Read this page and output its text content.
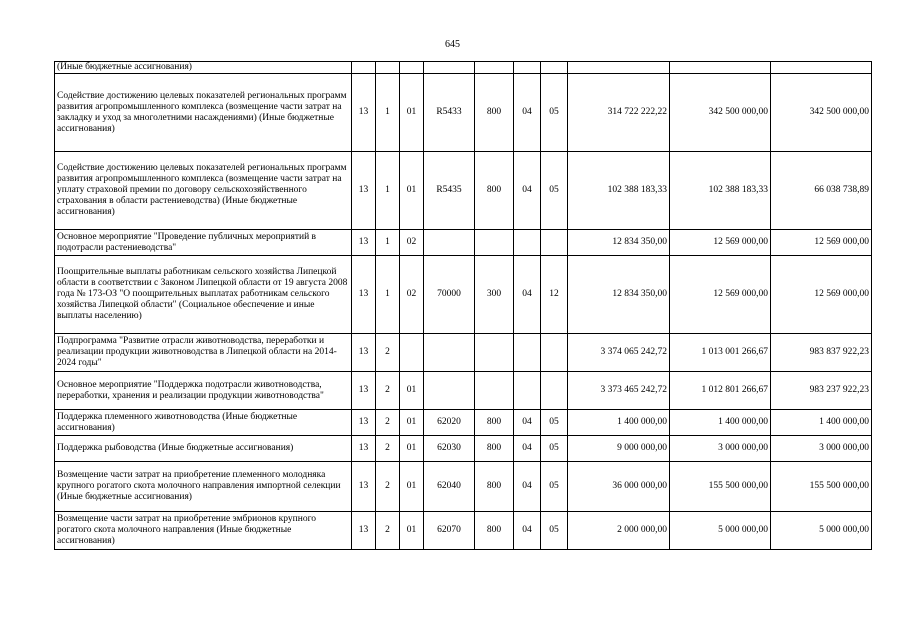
645
(Иные бюджетные ассигнования)										
Содействие достижению целевых показателей региональных программ развития агропромышленного комплекса (возмещение части затрат на закладку и уход за многолетними насаждениями) (Иные бюджетные ассигнования)	13	1	01	R5433	800	04	05	314 722 222,22	342 500 000,00	342 500 000,00
Содействие достижению целевых показателей региональных программ развития агропромышленного комплекса (возмещение части затрат на уплату страховой премии по договору сельскохозяйственного страхования в области растениеводства) (Иные бюджетные ассигнования)	13	1	01	R5435	800	04	05	102 388 183,33	102 388 183,33	66 038 738,89
Основное мероприятие "Проведение публичных мероприятий в подотрасли растениеводства"	13	1	02					12 834 350,00	12 569 000,00	12 569 000,00
Поощрительные выплаты работникам сельского хозяйства Липецкой области в соответствии с Законом Липецкой области от 19 августа 2008 года № 173-ОЗ "О поощрительных выплатах работникам сельского хозяйства Липецкой области" (Социальное обеспечение и иные выплаты населению)	13	1	02	70000	300	04	12	12 834 350,00	12 569 000,00	12 569 000,00
Подпрограмма "Развитие отрасли животноводства, переработки и реализации продукции животноводства в Липецкой области на 2014-2024 годы"	13	2						3 374 065 242,72	1 013 001 266,67	983 837 922,23
Основное мероприятие "Поддержка подотрасли животноводства, переработки, хранения и реализации продукции животноводства"	13	2	01					3 373 465 242,72	1 012 801 266,67	983 237 922,23
Поддержка племенного животноводства (Иные бюджетные ассигнования)	13	2	01	62020	800	04	05	1 400 000,00	1 400 000,00	1 400 000,00
Поддержка рыбоводства (Иные бюджетные ассигнования)	13	2	01	62030	800	04	05	9 000 000,00	3 000 000,00	3 000 000,00
Возмещение части затрат на приобретение племенного молодняка крупного рогатого скота молочного направления импортной селекции (Иные бюджетные ассигнования)	13	2	01	62040	800	04	05	36 000 000,00	155 500 000,00	155 500 000,00
Возмещение части затрат на приобретение эмбрионов крупного рогатого скота молочного направления (Иные бюджетные ассигнования)	13	2	01	62070	800	04	05	2 000 000,00	5 000 000,00	5 000 000,00
